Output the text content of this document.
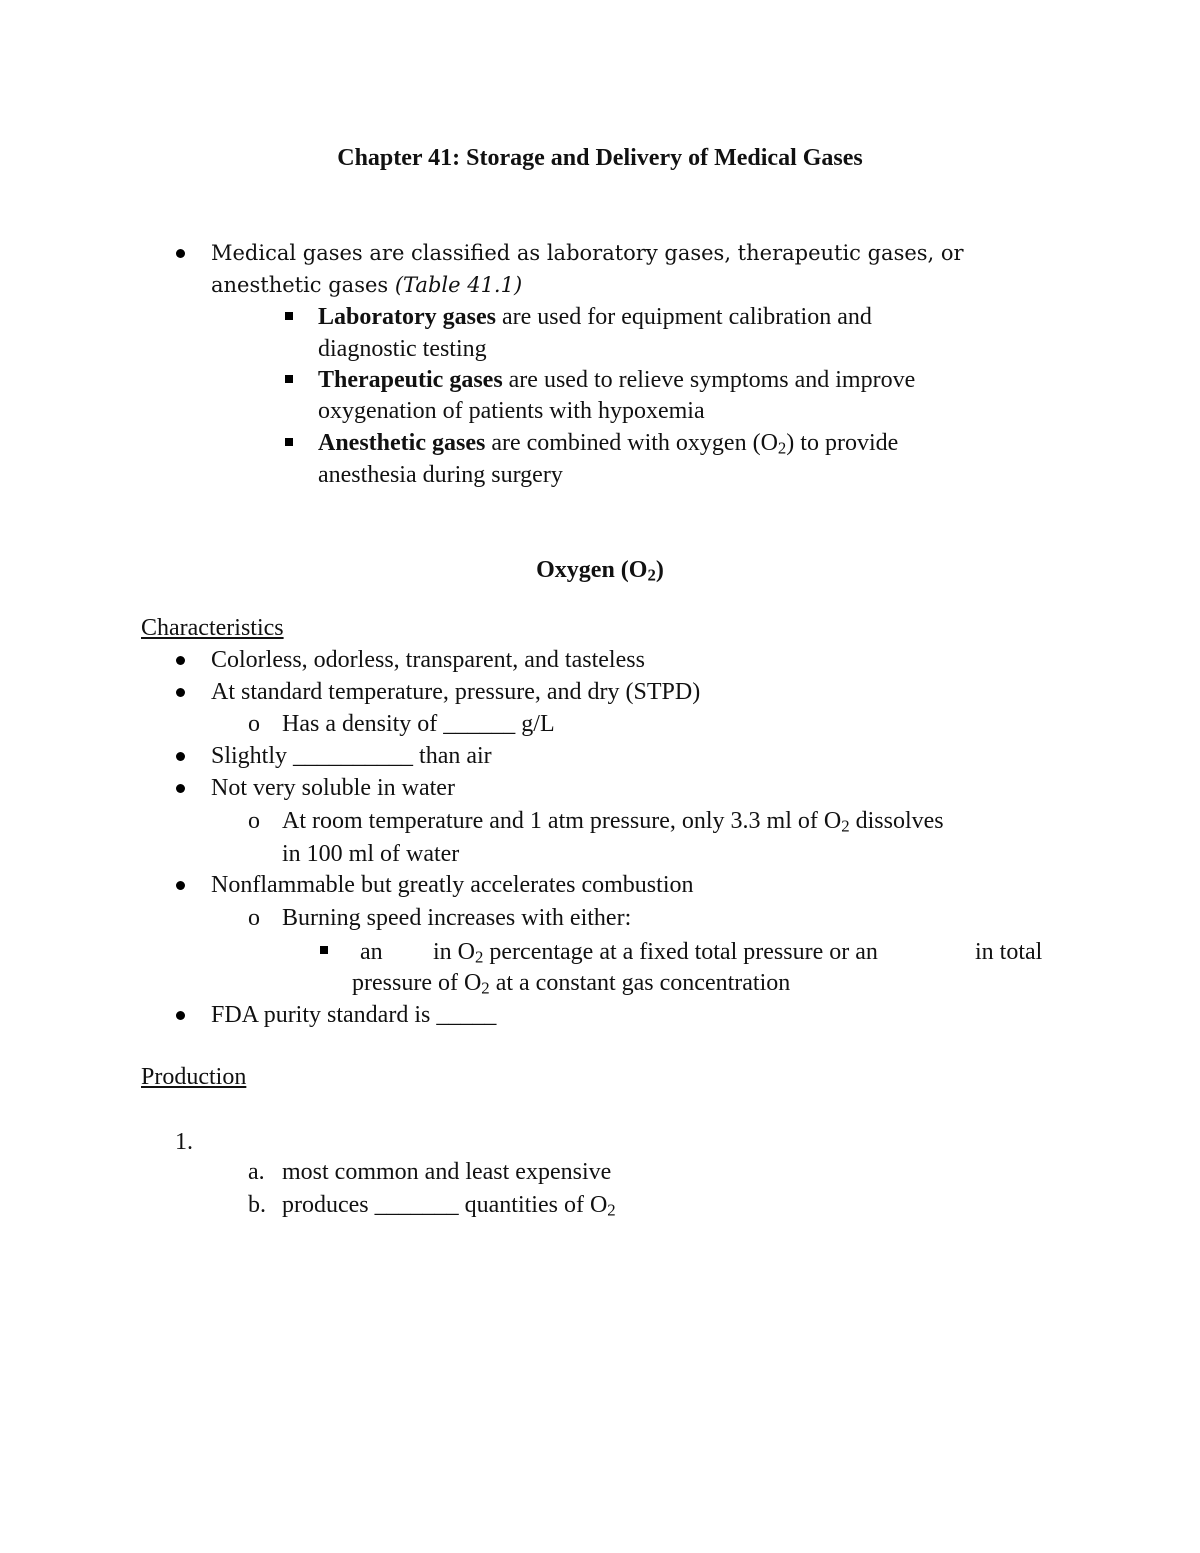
Chapter 41: Storage and Delivery of Medical Gases
Medical gases are classified as laboratory gases, therapeutic gases, or
anesthetic gases (Table 41.1)
Laboratory gases are used for equipment calibration and
diagnostic testing
Therapeutic gases are used to relieve symptoms and improve
oxygenation of patients with hypoxemia
Anesthetic gases are combined with oxygen $(O_2)$ to provide
anesthesia during surgery
Oxygen $(O_2)$
Characteristics
Colorless, odorless, transparent, and tasteless
At standard temperature, pressure, and dry (STPD)
o Has a density of ______ g/L
Slightly __________ than air
Not very soluble in water
o At room temperature and 1 atm pressure, only 3.3 ml of $O_2$ dissolves
in 100 ml of water
Nonflammable but greatly accelerates combustion
o Burning speed increases with either:
an in $O_2$ percentage at a fixed total pressure or an	in total
pressure of $O_2$ at a constant gas concentration
FDA purity standard is _____
Production
1.
a. most common and least expensive
b. produces _______ quantities of $O_2$
